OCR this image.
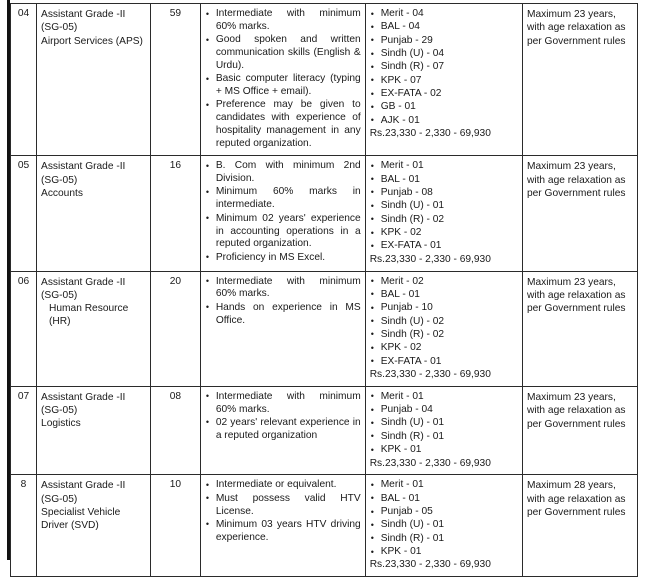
04	Assistant Grade -II (SG-05)
Airport Services (APS)
	59	
•Intermediate with minimum 60% marks.
• Good spoken and written communication skills (English & Urdu).
• Basic computer literacy (typing + MS Office + email).
• Preference may be given to candidates with experience of hospitality management in any reputed organization.

• Merit - 04
• BAL - 04
• Punjab - 29
• Sindh (U) - 04
• Sindh (R) - 07
• KPK - 07
• EX-FATA - 02
• GB - 01
• AJK - 01
Rs.23,330 - 2,330 - 69,930
	Maximum 23 years, with age relaxation as per Government rules
05	Assistant Grade -II (SG-05)
Accounts
	16	
•B. Com with minimum 2nd Division.
• Minimum 60% marks in intermediate.
• Minimum 02 years' experience in accounting operations in a reputed organization.
• Proficiency in MS Excel.

• Merit - 01
• BAL - 01
• Punjab - 08
• Sindh (U) - 01
• Sindh (R) - 02
• KPK - 02
• EX-FATA - 01
Rs.23,330 - 2,330 - 69,930
	Maximum 23 years, with age relaxation as per Government rules
06	Assistant Grade -II (SG-05)
Human Resource (HR)
	20	
•Intermediate with minimum 60% marks.
• Hands on experience in MS Office.

• Merit - 02
• BAL - 01
• Punjab - 10
• Sindh (U) - 02
• Sindh (R) - 02
• KPK - 02
• EX-FATA - 01
Rs.23,330 - 2,330 - 69,930
	Maximum 23 years, with age relaxation as per Government rules
07	Assistant Grade -II (SG-05)
Logistics
	08	
•Intermediate with minimum 60% marks.
• 02 years' relevant experience in a reputed organization

• Merit - 01
• Punjab - 04
• Sindh (U) - 01
• Sindh (R) - 01
• KPK - 01
Rs.23,330 - 2,330 - 69,930
	Maximum 23 years, with age relaxation as per Government rules
8	Assistant Grade -II (SG-05)
Specialist Vehicle Driver (SVD)
	10	
•Intermediate or equivalent.
• Must possess valid HTV License.
• Minimum 03 years HTV driving experience.

• Merit - 01
• BAL - 01
• Punjab - 05
• Sindh (U) - 01
• Sindh (R) - 01
• KPK - 01
Rs.23,330 - 2,330 - 69,930
	Maximum 28 years, with age relaxation as per Government rules
